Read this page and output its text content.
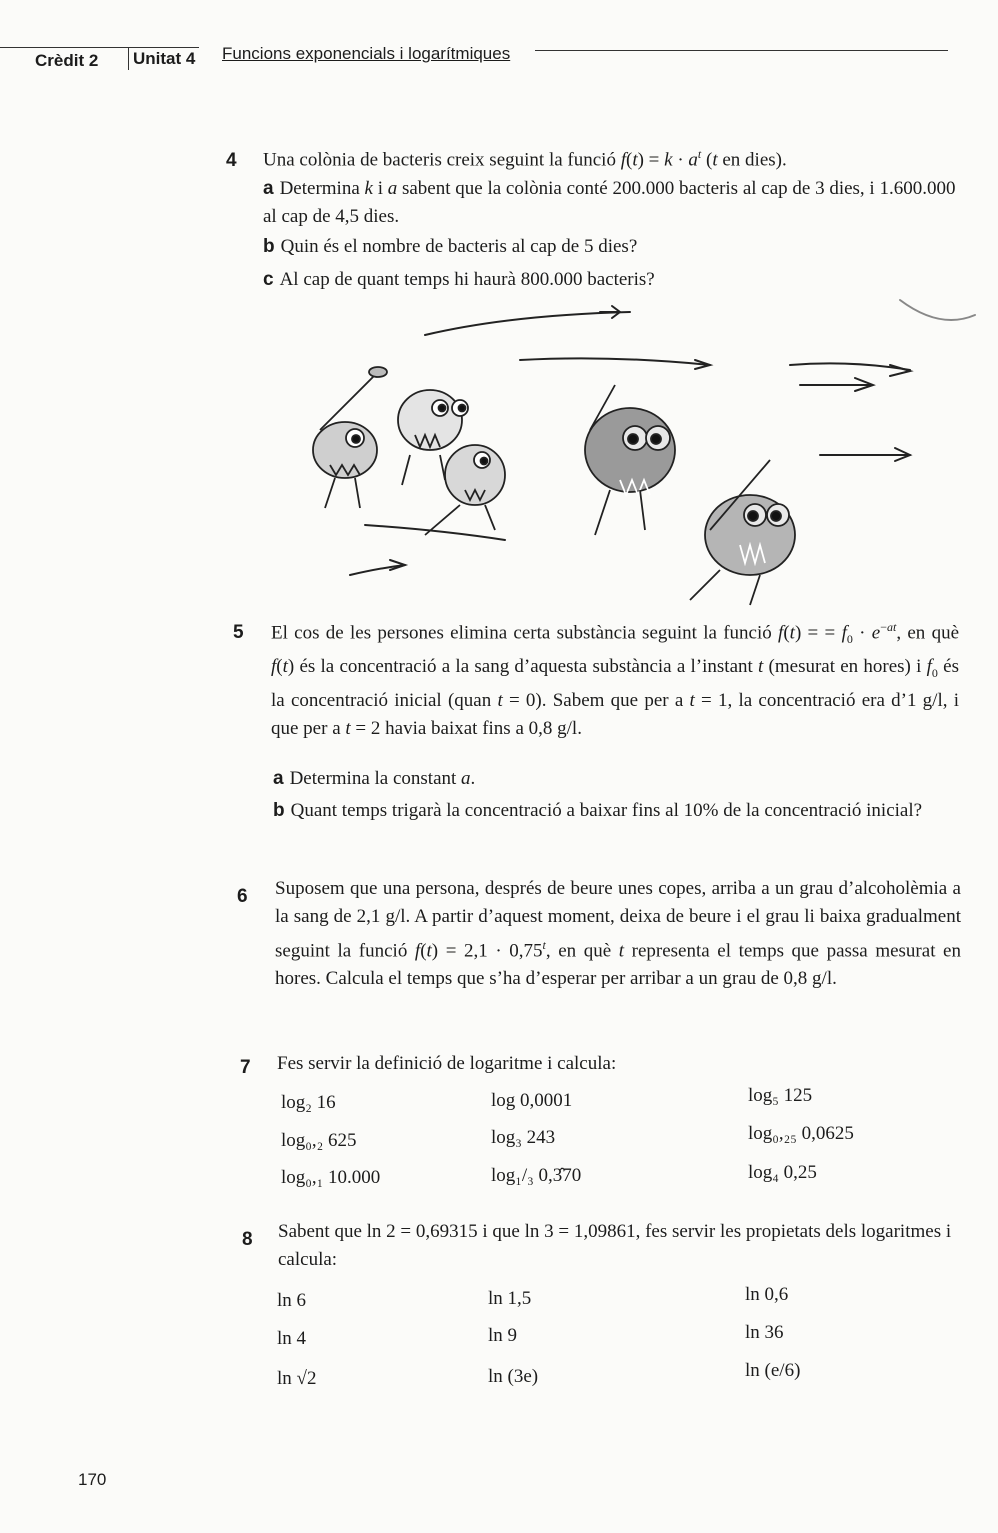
Crèdit 2 Unitat 4 Funcions exponencials i logarítmiques
4 Una colònia de bacteris creix seguint la funció $f(t) = k \cdot a^t$ (t en dies).

a Determina k i a sabent que la colònia conté 200.000 bacteris al cap de 3 dies, i 1.600.000 al cap de 4,5 dies.

b Quin és el nombre de bacteris al cap de 5 dies?

c Al cap de quant temps hi haurà 800.000 bacteris?

5 El cos de les persones elimina certa substància seguint la funció f(t) = = $f_0 \cdot e^{-at}$, en què f(t) és la concentració a la sang d’aquesta substància a l’instant t (mesurat en hores) i $f_0$ és la concentració inicial (quan t = 0). Sabem que per a t = 1, la concentració era d’1 g/l, i que per a t = 2 havia baixat fins a 0,8 g/l.

a Determina la constant a.

b Quant temps trigarà la concentració a baixar fins al 10% de la concentració inicial?

6 Suposem que una persona, després de beure unes copes, arriba a un grau d’alcoholèmia a la sang de 2,1 g/l. A partir d’aquest moment, deixa de beure i el grau li baixa gradualment seguint la funció $f(t) = 2,1 \cdot 0,75^t$, en què t representa el temps que passa mesurat en hores. Calcula el temps que s’ha d’esperar per arribar a un grau de 0,8 g/l.

7 Fes servir la definició de logaritme i calcula:

log₂ 16	log 0,0001	log₅ 125
log₀,₂ 625	log₃ 243	log₀,₂₅ 0,0625
log₀,₁ 10.000	log₁/₃ 0,3̂70	log₄ 0,25
8 Sabent que ln 2 = 0,69315 i que ln 3 = 1,09861, fes servir les propietats dels logaritmes i calcula:

ln 6	ln 1,5	ln 0,6
ln 4	ln 9	ln 36
ln √2	ln (3e)	ln (e/6)
170
